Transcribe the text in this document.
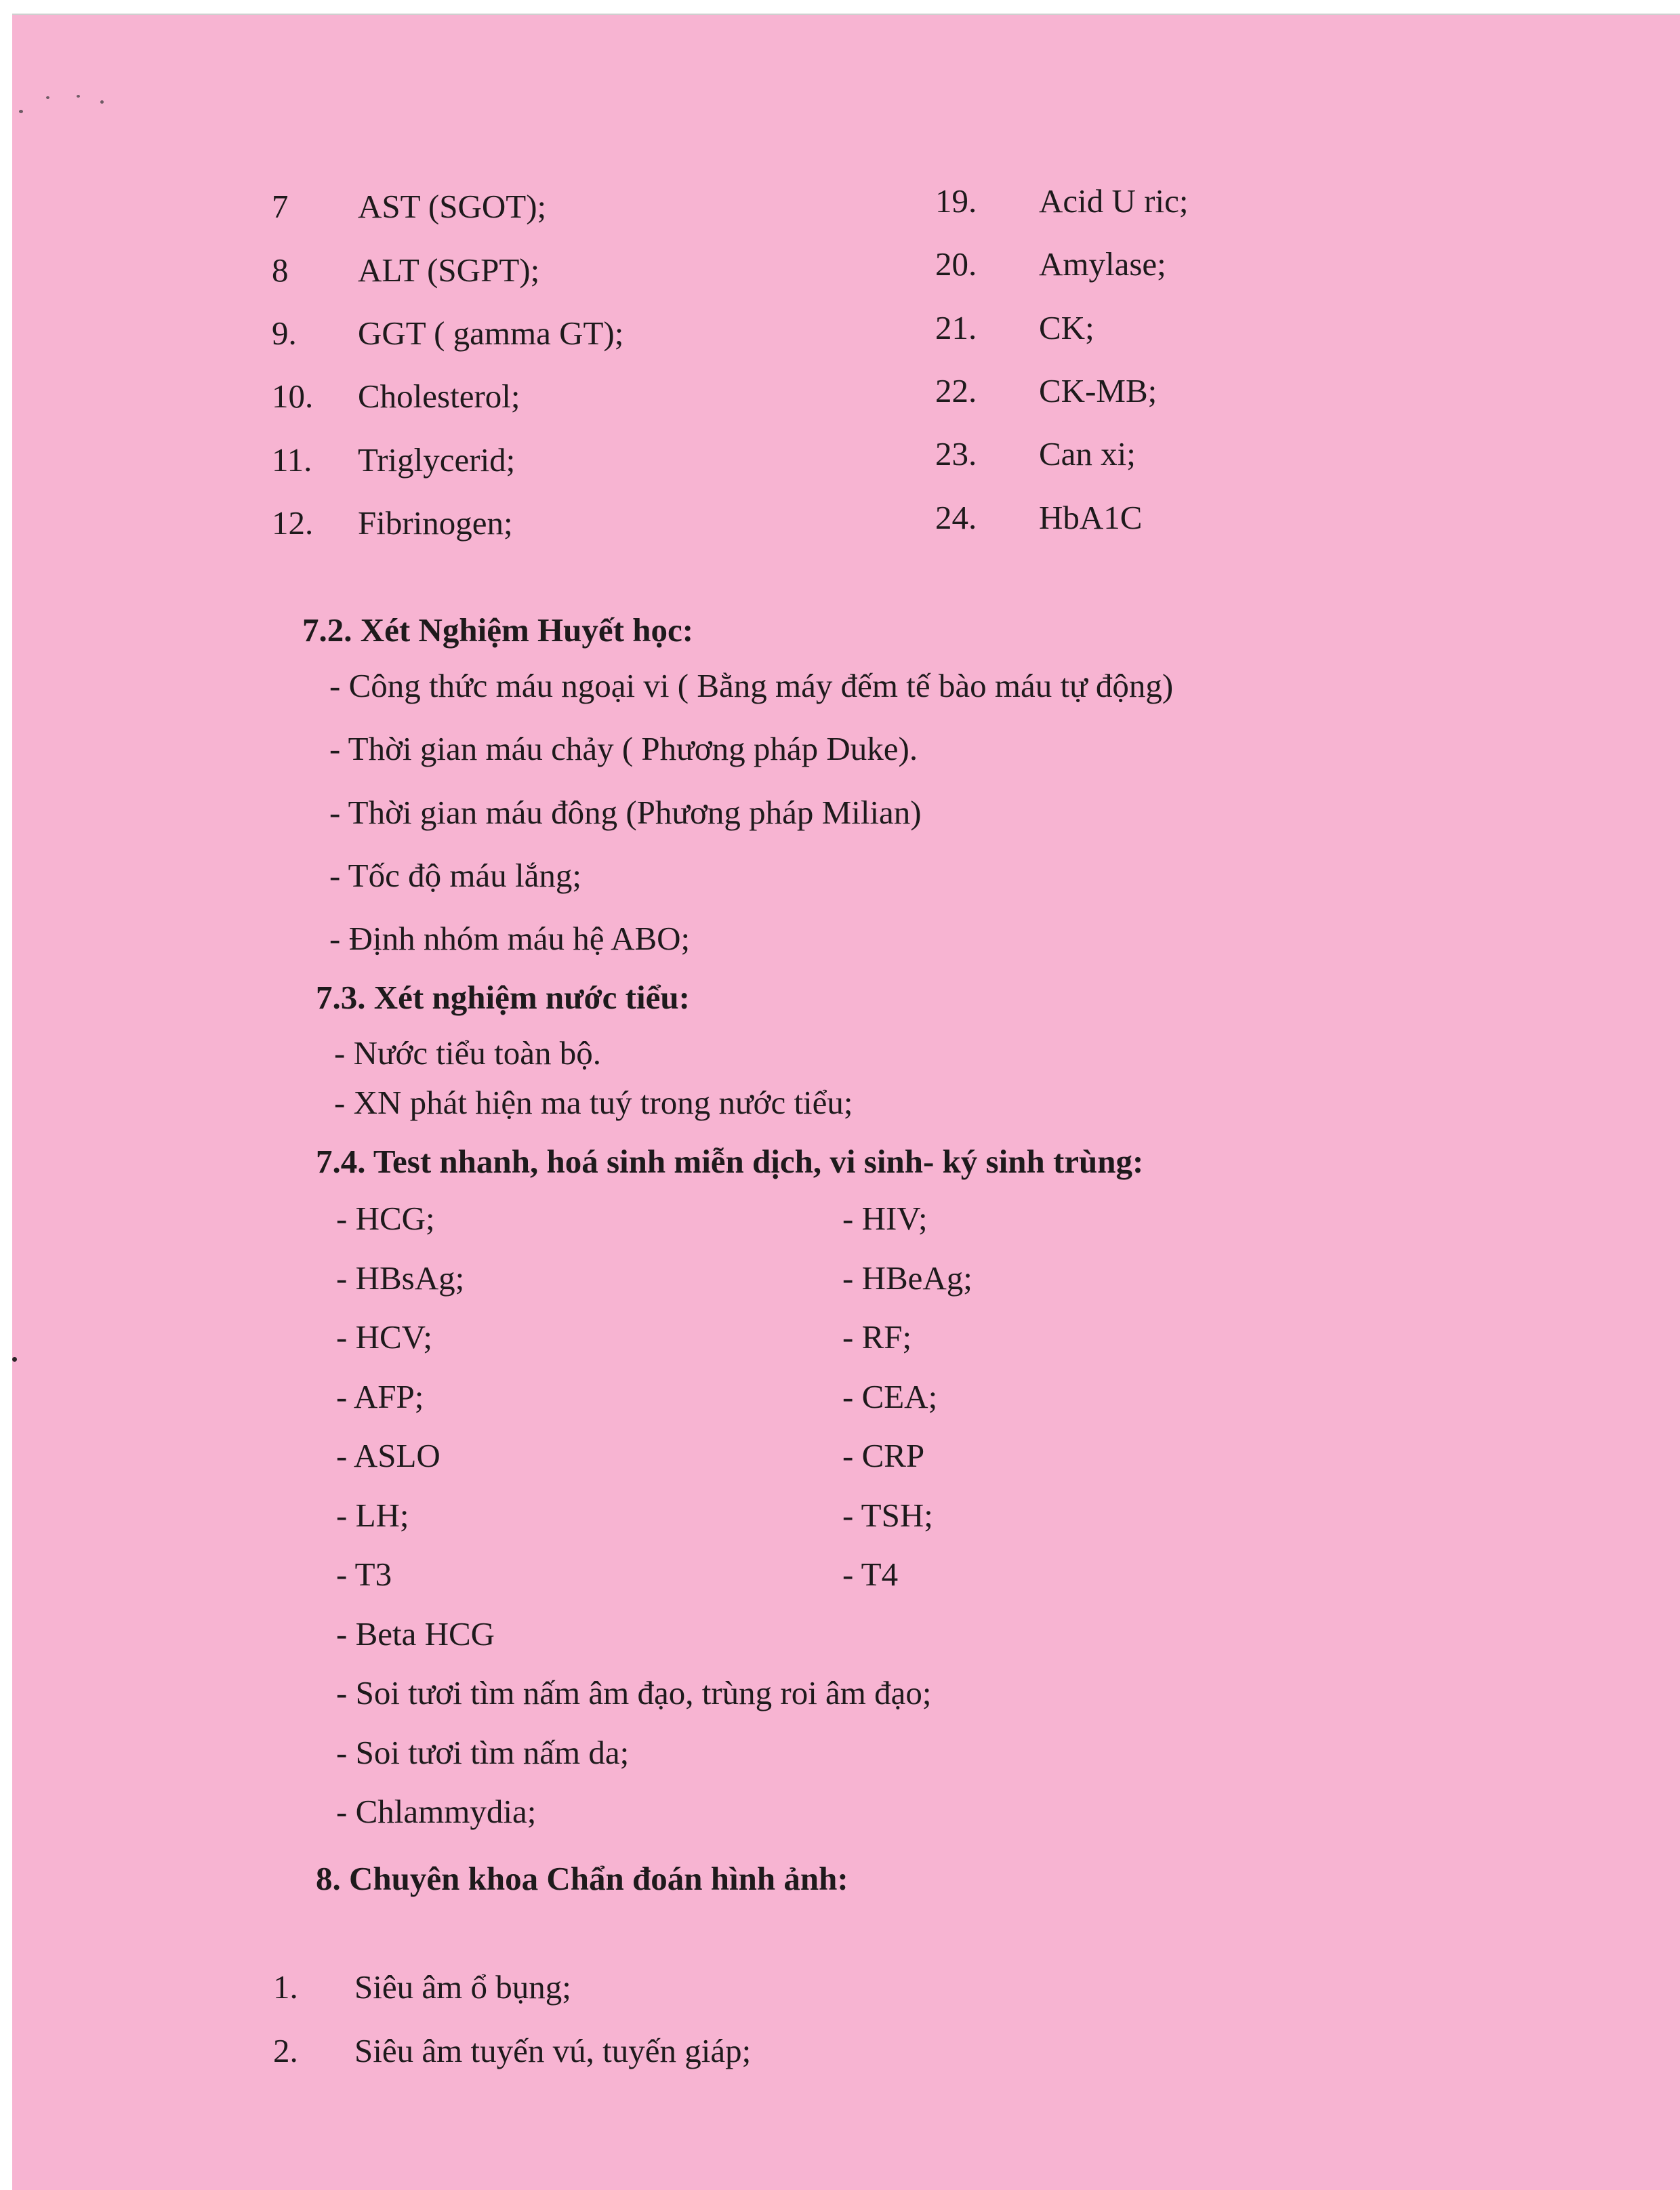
7 AST (SGOT);
8 ALT (SGPT);
9. GGT ( gamma GT);
10. Cholesterol;
11. Triglycerid;
12. Fibrinogen;
19. Acid U ric;
20. Amylase;
21. CK;
22. CK-MB;
23. Can xi;
24. HbA1C
7.2. Xét Nghiệm Huyết học:
- Công thức máu ngoại vi ( Bằng máy đếm tế bào máu tự động)
- Thời gian máu chảy ( Phương pháp Duke).
- Thời gian máu đông (Phương pháp Milian)
- Tốc độ máu lắng;
- Định nhóm máu hệ ABO;
7.3. Xét nghiệm nước tiểu:
- Nước tiểu toàn bộ.
- XN phát hiện ma tuý trong nước tiểu;
7.4. Test nhanh, hoá sinh miễn dịch, vi sinh- ký sinh trùng:
- HCG;
- HBsAg;
- HCV;
- AFP;
- ASLO
- LH;
- T3
- HIV;
- HBeAg;
- RF;
- CEA;
- CRP
- TSH;
- T4
- Beta HCG
- Soi tươi tìm nấm âm đạo, trùng roi âm đạo;
- Soi tươi tìm nấm da;
- Chlammydia;
8. Chuyên khoa Chẩn đoán hình ảnh:
1. Siêu âm ổ bụng;
2. Siêu âm tuyến vú, tuyến giáp;
